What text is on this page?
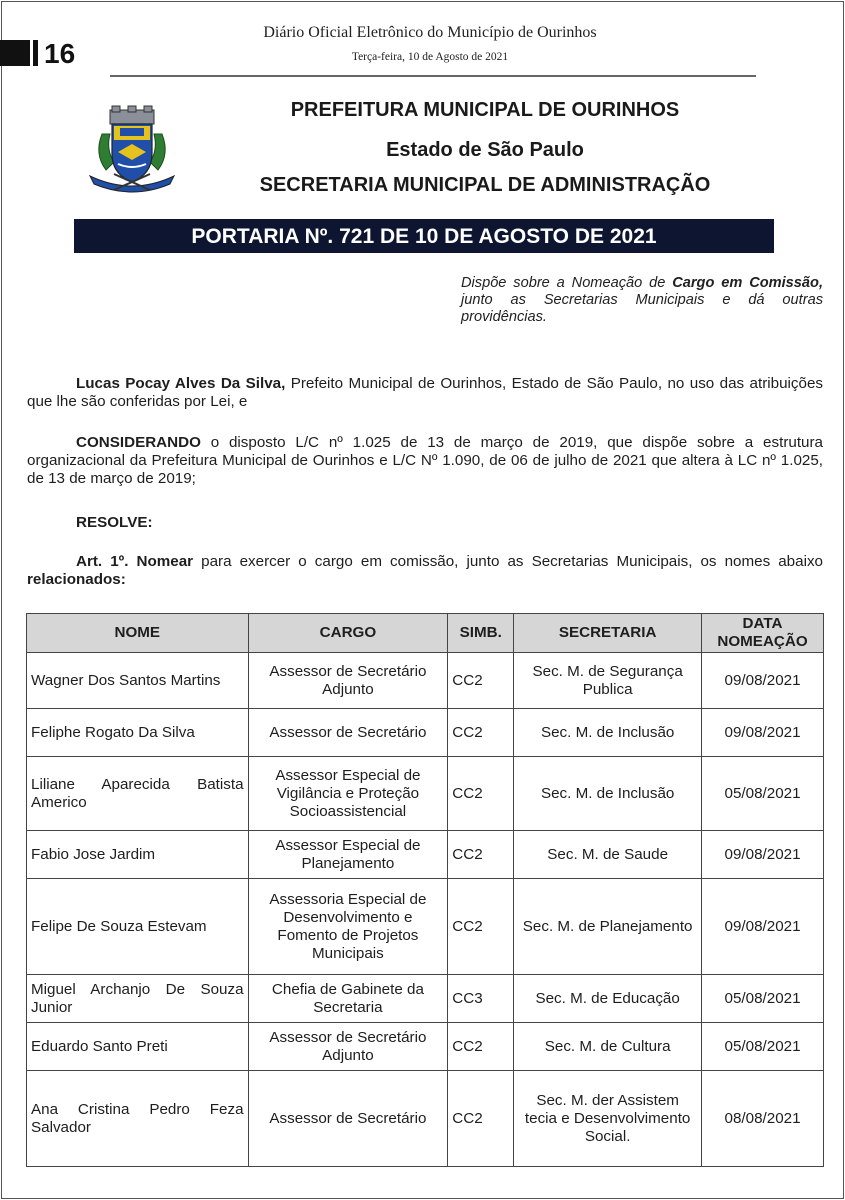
16
Diário Oficial Eletrônico do Município de Ourinhos
Terça-feira, 10 de Agosto de 2021
PREFEITURA MUNICIPAL DE OURINHOS
Estado de São Paulo
SECRETARIA MUNICIPAL DE ADMINISTRAÇÃO
PORTARIA Nº. 721 DE 10 DE AGOSTO DE 2021
Dispõe sobre a Nomeação de Cargo em Comissão, junto as Secretarias Municipais e dá outras providências.
Lucas Pocay Alves Da Silva, Prefeito Municipal de Ourinhos, Estado de São Paulo, no uso das atribuições que lhe são conferidas por Lei, e
CONSIDERANDO o disposto L/C nº 1.025 de 13 de março de 2019, que dispõe sobre a estrutura organizacional da Prefeitura Municipal de Ourinhos e L/C Nº 1.090, de 06 de julho de 2021 que altera à LC nº 1.025, de 13 de março de 2019;
RESOLVE:
Art. 1º. Nomear para exercer o cargo em comissão, junto as Secretarias Municipais, os nomes abaixo relacionados:
NOME	CARGO	SIMB.	SECRETARIA	DATA NOMEAÇÃO
Wagner Dos Santos Martins	Assessor de Secretário Adjunto	CC2	Sec. M. de Segurança Publica	09/08/2021
Feliphe Rogato Da Silva	Assessor de Secretário	CC2	Sec. M. de Inclusão	09/08/2021
Liliane Aparecida Batista Americo	Assessor Especial de Vigilância e Proteção Socioassistencial	CC2	Sec. M. de Inclusão	05/08/2021
Fabio Jose Jardim	Assessor Especial de Planejamento	CC2	Sec. M. de Saude	09/08/2021
Felipe De Souza Estevam	Assessoria Especial de Desenvolvimento e Fomento de Projetos Municipais	CC2	Sec. M. de Planejamento	09/08/2021
Miguel Archanjo De Souza Junior	Chefia de Gabinete da Secretaria	CC3	Sec. M. de Educação	05/08/2021
Eduardo Santo Preti	Assessor de Secretário Adjunto	CC2	Sec. M. de Cultura	05/08/2021
Ana Cristina Pedro Feza Salvador	Assessor de Secretário	CC2	Sec. M. der Assistem tecia e Desenvolvimento Social.	08/08/2021
